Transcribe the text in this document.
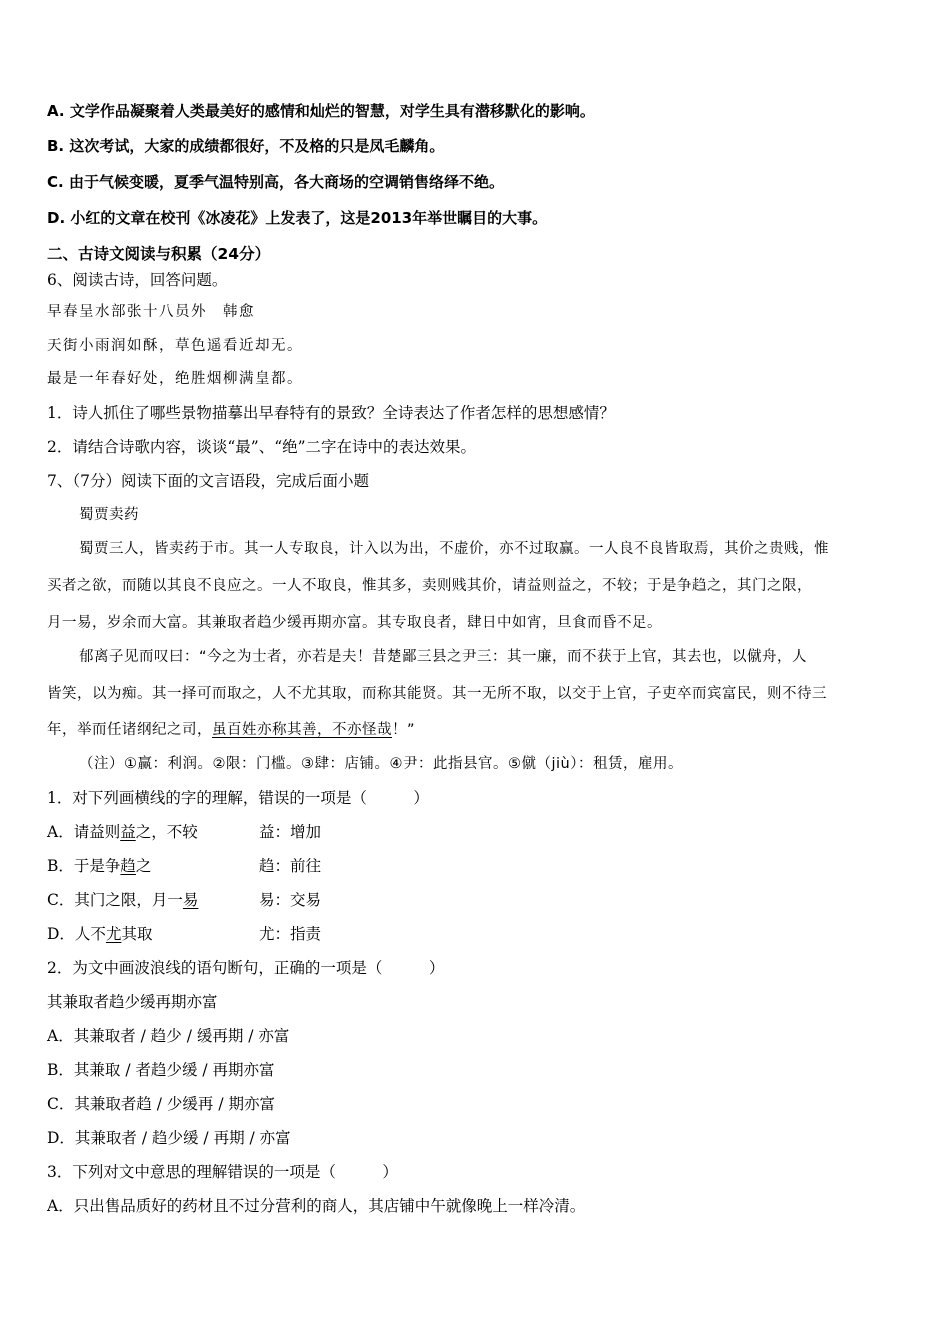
A. 文学作品凝聚着人类最美好的感情和灿烂的智慧，对学生具有潜移默化的影响。
B. 这次考试，大家的成绩都很好，不及格的只是凤毛麟角。
C. 由于气候变暖，夏季气温特别高，各大商场的空调销售络绎不绝。
D. 小红的文章在校刊《冰凌花》上发表了，这是2013年举世瞩目的大事。
二、古诗文阅读与积累（24分）
6、阅读古诗，回答问题。
早春呈水部张十八员外　韩愈
天街小雨润如酥，草色遥看近却无。
最是一年春好处，绝胜烟柳满皇都。
1．诗人抓住了哪些景物描摹出早春特有的景致？全诗表达了作者怎样的思想感情？
2．请结合诗歌内容，谈谈“最”、“绝”二字在诗中的表达效果。
7、（7分）阅读下面的文言语段，完成后面小题
蜀贾卖药
蜀贾三人，皆卖药于市。其一人专取良，计入以为出，不虚价，亦不过取赢。一人良不良皆取焉，其价之贵贱，惟
买者之欲，而随以其良不良应之。一人不取良，惟其多，卖则贱其价，请益则益之，不较；于是争趋之，其门之限，
月一易，岁余而大富。其兼取者趋少缓再期亦富。其专取良者，肆日中如宵，旦食而昏不足。
郁离子见而叹曰：“今之为士者，亦若是夫！昔楚鄙三县之尹三：其一廉，而不获于上官，其去也，以僦舟，人
皆笑，以为痴。其一择可而取之，人不尤其取，而称其能贤。其一无所不取，以交于上官，子吏卒而宾富民，则不待三
年，举而任诸纲纪之司，虽百姓亦称其善，不亦怪哉！”
（注）①赢：利润。②限：门槛。③肆：店铺。④尹：此指县官。⑤僦（jiù）：租赁，雇用。
1．对下列画横线的字的理解，错误的一项是（　　　）
A．请益则益之，不较	益：增加
B．于是争趋之	趋：前往
C．其门之限，月一易	易：交易
D．人不尤其取	尤：指责
2．为文中画波浪线的语句断句，正确的一项是（　　　）
其兼取者趋少缓再期亦富
A．其兼取者 / 趋少 / 缓再期 / 亦富
B．其兼取 / 者趋少缓 / 再期亦富
C．其兼取者趋 / 少缓再 / 期亦富
D．其兼取者 / 趋少缓 / 再期 / 亦富
3．下列对文中意思的理解错误的一项是（　　　）
A．只出售品质好的药材且不过分营利的商人，其店铺中午就像晚上一样冷清。
